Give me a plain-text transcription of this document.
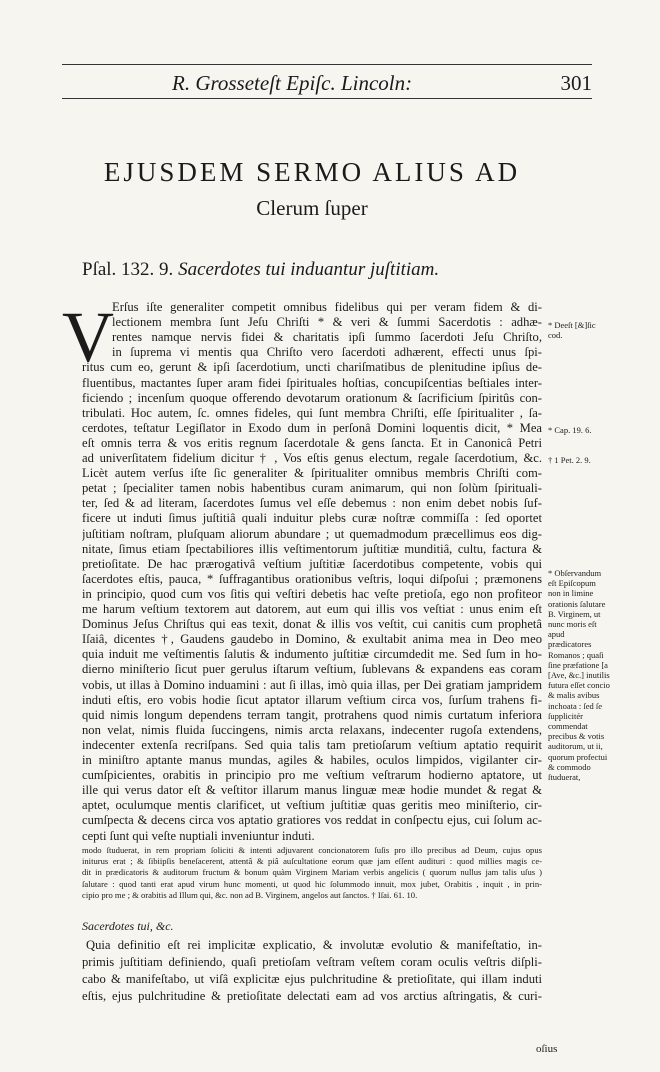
R. Grosseteſt Epiſc. Lincoln:	301
EJUSDEM SERMO ALIUS AD
Clerum ſuper
Pſal. 132. 9. Sacerdotes tui induantur juſtitiam.
V
Erſus iſte generaliter competit omnibus fidelibus qui per veram fidem & di-
lectionem membra ſunt Jeſu Chriſti * & veri & ſummi Sacerdotis : adhæ-
rentes namque nervis fidei & charitatis ipſi ſummo ſacerdoti Jeſu Chriſto,
in ſuprema vi mentis qua Chriſto vero ſacerdoti adhærent, effecti unus ſpi-
ritus cum eo, gerunt & ipſi ſacerdotium, uncti chariſmatibus de plenitudine ipſius de-
fluentibus, mactantes ſuper aram fidei ſpirituales hoſtias, concupiſcentias beſtiales inter-
ficiendo ; incenſum quoque offerendo devotarum orationum & ſacrificium ſpiritûs con-
tribulati. Hoc autem, ſc. omnes fideles, qui ſunt membra Chriſti, eſſe ſpiritualiter , ſa-
cerdotes, teſtatur Legiſlator in Exodo dum in perſonâ Domini loquentis dicit, * Mea
eſt omnis terra & vos eritis regnum ſacerdotale & gens ſancta. Et in Canonicâ Petri
ad univerſitatem fidelium dicitur † , Vos eſtis genus electum, regale ſacerdotium, &c.
Licèt autem verſus iſte ſic generaliter & ſpiritualiter omnibus membris Chriſti com-
petat ; ſpecialiter tamen nobis habentibus curam animarum, qui non ſolùm ſpirituali-
ter, ſed & ad literam, ſacerdotes ſumus vel eſſe debemus : non enim debet nobis ſuf-
ficere ut induti ſimus juſtitiâ quali induitur plebs curæ noſtræ commiſſa : ſed oportet
juſtitiam noſtram, pluſquam aliorum abundare ; ut quemadmodum præcellimus eos dig-
nitate, ſimus etiam ſpectabiliores illis veſtimentorum juſtitiæ munditiâ, cultu, factura &
pretioſitate. De hac prærogativâ veſtium juſtitiæ ſacerdotibus competente, vobis qui
ſacerdotes eſtis, pauca, * ſuffragantibus orationibus veſtris, loqui diſpoſui ; præmonens
in principio, quod cum vos ſitis qui veſtiri debetis hac veſte pretioſa, ego non profiteor
me harum veſtium textorem aut datorem, aut eum qui illis vos veſtiat : unus enim eſt
Dominus Jeſus Chriſtus qui eas texit, donat & illis vos veſtit, cui canitis cum prophetâ
Iſaiâ, dicentes †, Gaudens gaudebo in Domino, & exultabit anima mea in Deo meo
quia induit me veſtimentis ſalutis & indumento juſtitiæ circumdedit me. Sed ſum in ho-
dierno miniſterio ſicut puer gerulus iſtarum veſtium, ſublevans & expandens eas coram
vobis, ut illas à Domino induamini : aut ſi illas, imò quia illas, per Dei gratiam jampridem
induti eſtis, ero vobis hodie ſicut aptator illarum veſtium circa vos, ſurſum trahens fi-
quid nimis longum dependens terram tangit, protrahens quod nimis curtatum inferiora
non velat, nimis fluida ſuccingens, nimis arcta relaxans, indecenter rugoſa extendens,
indecenter extenſa recriſpans. Sed quia talis tam pretioſarum veſtium aptatio requirit
in miniſtro aptante manus mundas, agiles & habiles, oculos limpidos, vigilanter cir-
cumſpicientes, orabitis in principio pro me veſtium veſtrarum hodierno aptatore, ut
ille qui verus dator eſt & veſtitor illarum manus linguæ meæ hodie mundet & regat &
aptet, oculumque mentis clarificet, ut veſtium juſtitiæ quas geritis meo miniſterio, cir-
cumſpecta & decens circa vos aptatio gratiores vos reddat in conſpectu ejus, cui ſolum ac-
cepti ſunt qui veſte nuptiali inveniuntur induti.
* Deeſt [&]ſic cod.
* Cap. 19. 6.
† 1 Pet. 2. 9.
* Obſervandum eſt Epiſcopum non in limine orationis ſalutare B. Virginem, ut nunc moris eſt apud prædicatores Romanos ; quaſi ſine præfatione [a [Ave, &c.] inutilis futura eſſet concio & malis avibus inchoata : ſed ſe ſupplicitér commendat precibus & votis auditorum, ut ii, quorum profectui & commodo ſtuduerat,
modo ſtuduerat, in rem propriam ſoliciti & intenti adjuvarent concionatorem ſuſis pro illo precibus ad Deum, cujus opus
initurus erat ; & ſibiipſis beneſacerent, attentâ & piâ auſcultatione eorum quæ jam eſſent audituri : quod millies magis ce-
dit in prædicatoris & auditorum fructum & bonum quàm Virginem Mariam verbis angelicis ( quorum nullus jam talis uſus )
ſalutare : quod tanti erat apud virum hunc momenti, ut quod hic ſolummodo innuit, mox jubet, Orabitis , inquit , in prin-
cipio pro me ; & orabitis ad Illum qui, &c. non ad B. Virginem, angelos aut ſanctos. † Iſai. 61. 10.
Sacerdotes tui, &c.
Quia definitio eſt rei implicitæ explicatio, & involutæ evolutio & manifeſtatio, in-
primis juſtitiam definiendo, quaſi pretioſam veſtram veſtem coram oculis veſtris diſpli-
cabo & manifeſtabo, ut viſâ explicitæ ejus pulchritudine & pretioſitate, qui illam induti
eſtis, ejus pulchritudine & pretioſitate delectati eam ad vos arctius aſtringatis, & curi-
oſius
